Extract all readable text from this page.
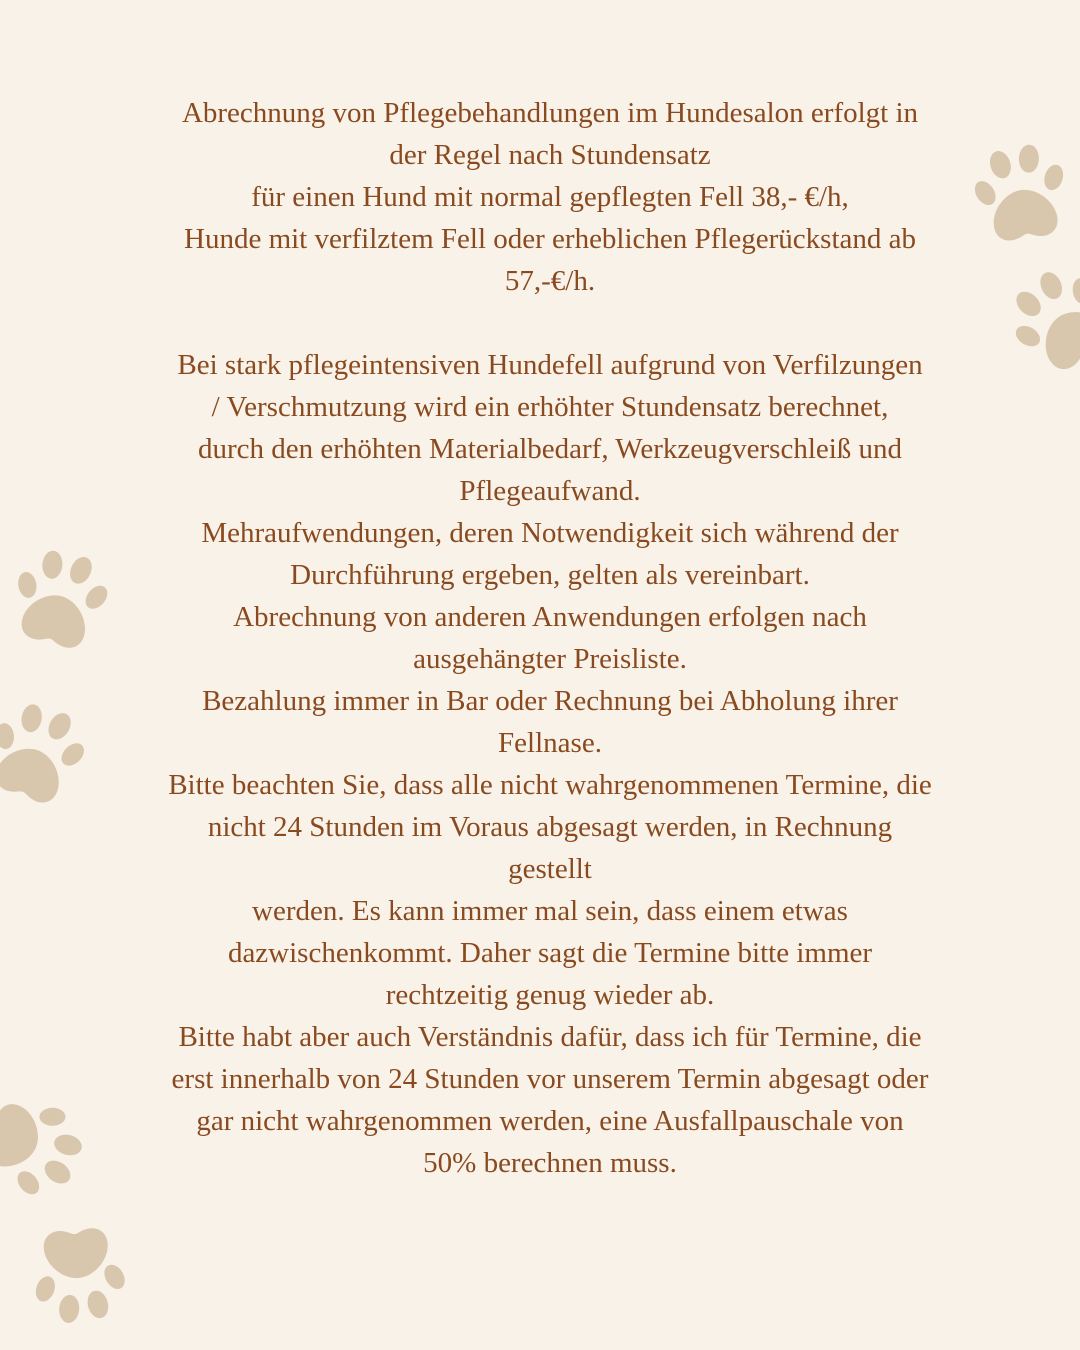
Abrechnung von Pflegebehandlungen im Hundesalon erfolgt in
der Regel nach Stundensatz
für einen Hund mit normal gepflegten Fell 38,- €/h,
Hunde mit verfilztem Fell oder erheblichen Pflegerückstand ab
57,-€/h.
Bei stark pflegeintensiven Hundefell aufgrund von Verfilzungen
/ Verschmutzung wird ein erhöhter Stundensatz berechnet,
durch den erhöhten Materialbedarf, Werkzeugverschleiß und
Pflegeaufwand.
Mehraufwendungen, deren Notwendigkeit sich während der
Durchführung ergeben, gelten als vereinbart.
Abrechnung von anderen Anwendungen erfolgen nach
ausgehängter Preisliste.
Bezahlung immer in Bar oder Rechnung bei Abholung ihrer
Fellnase.
Bitte beachten Sie, dass alle nicht wahrgenommenen Termine, die
nicht 24 Stunden im Voraus abgesagt werden, in Rechnung
gestellt
werden. Es kann immer mal sein, dass einem etwas
dazwischenkommt. Daher sagt die Termine bitte immer
rechtzeitig genug wieder ab.
Bitte habt aber auch Verständnis dafür, dass ich für Termine, die
erst innerhalb von 24 Stunden vor unserem Termin abgesagt oder
gar nicht wahrgenommen werden, eine Ausfallpauschale von
50% berechnen muss.
